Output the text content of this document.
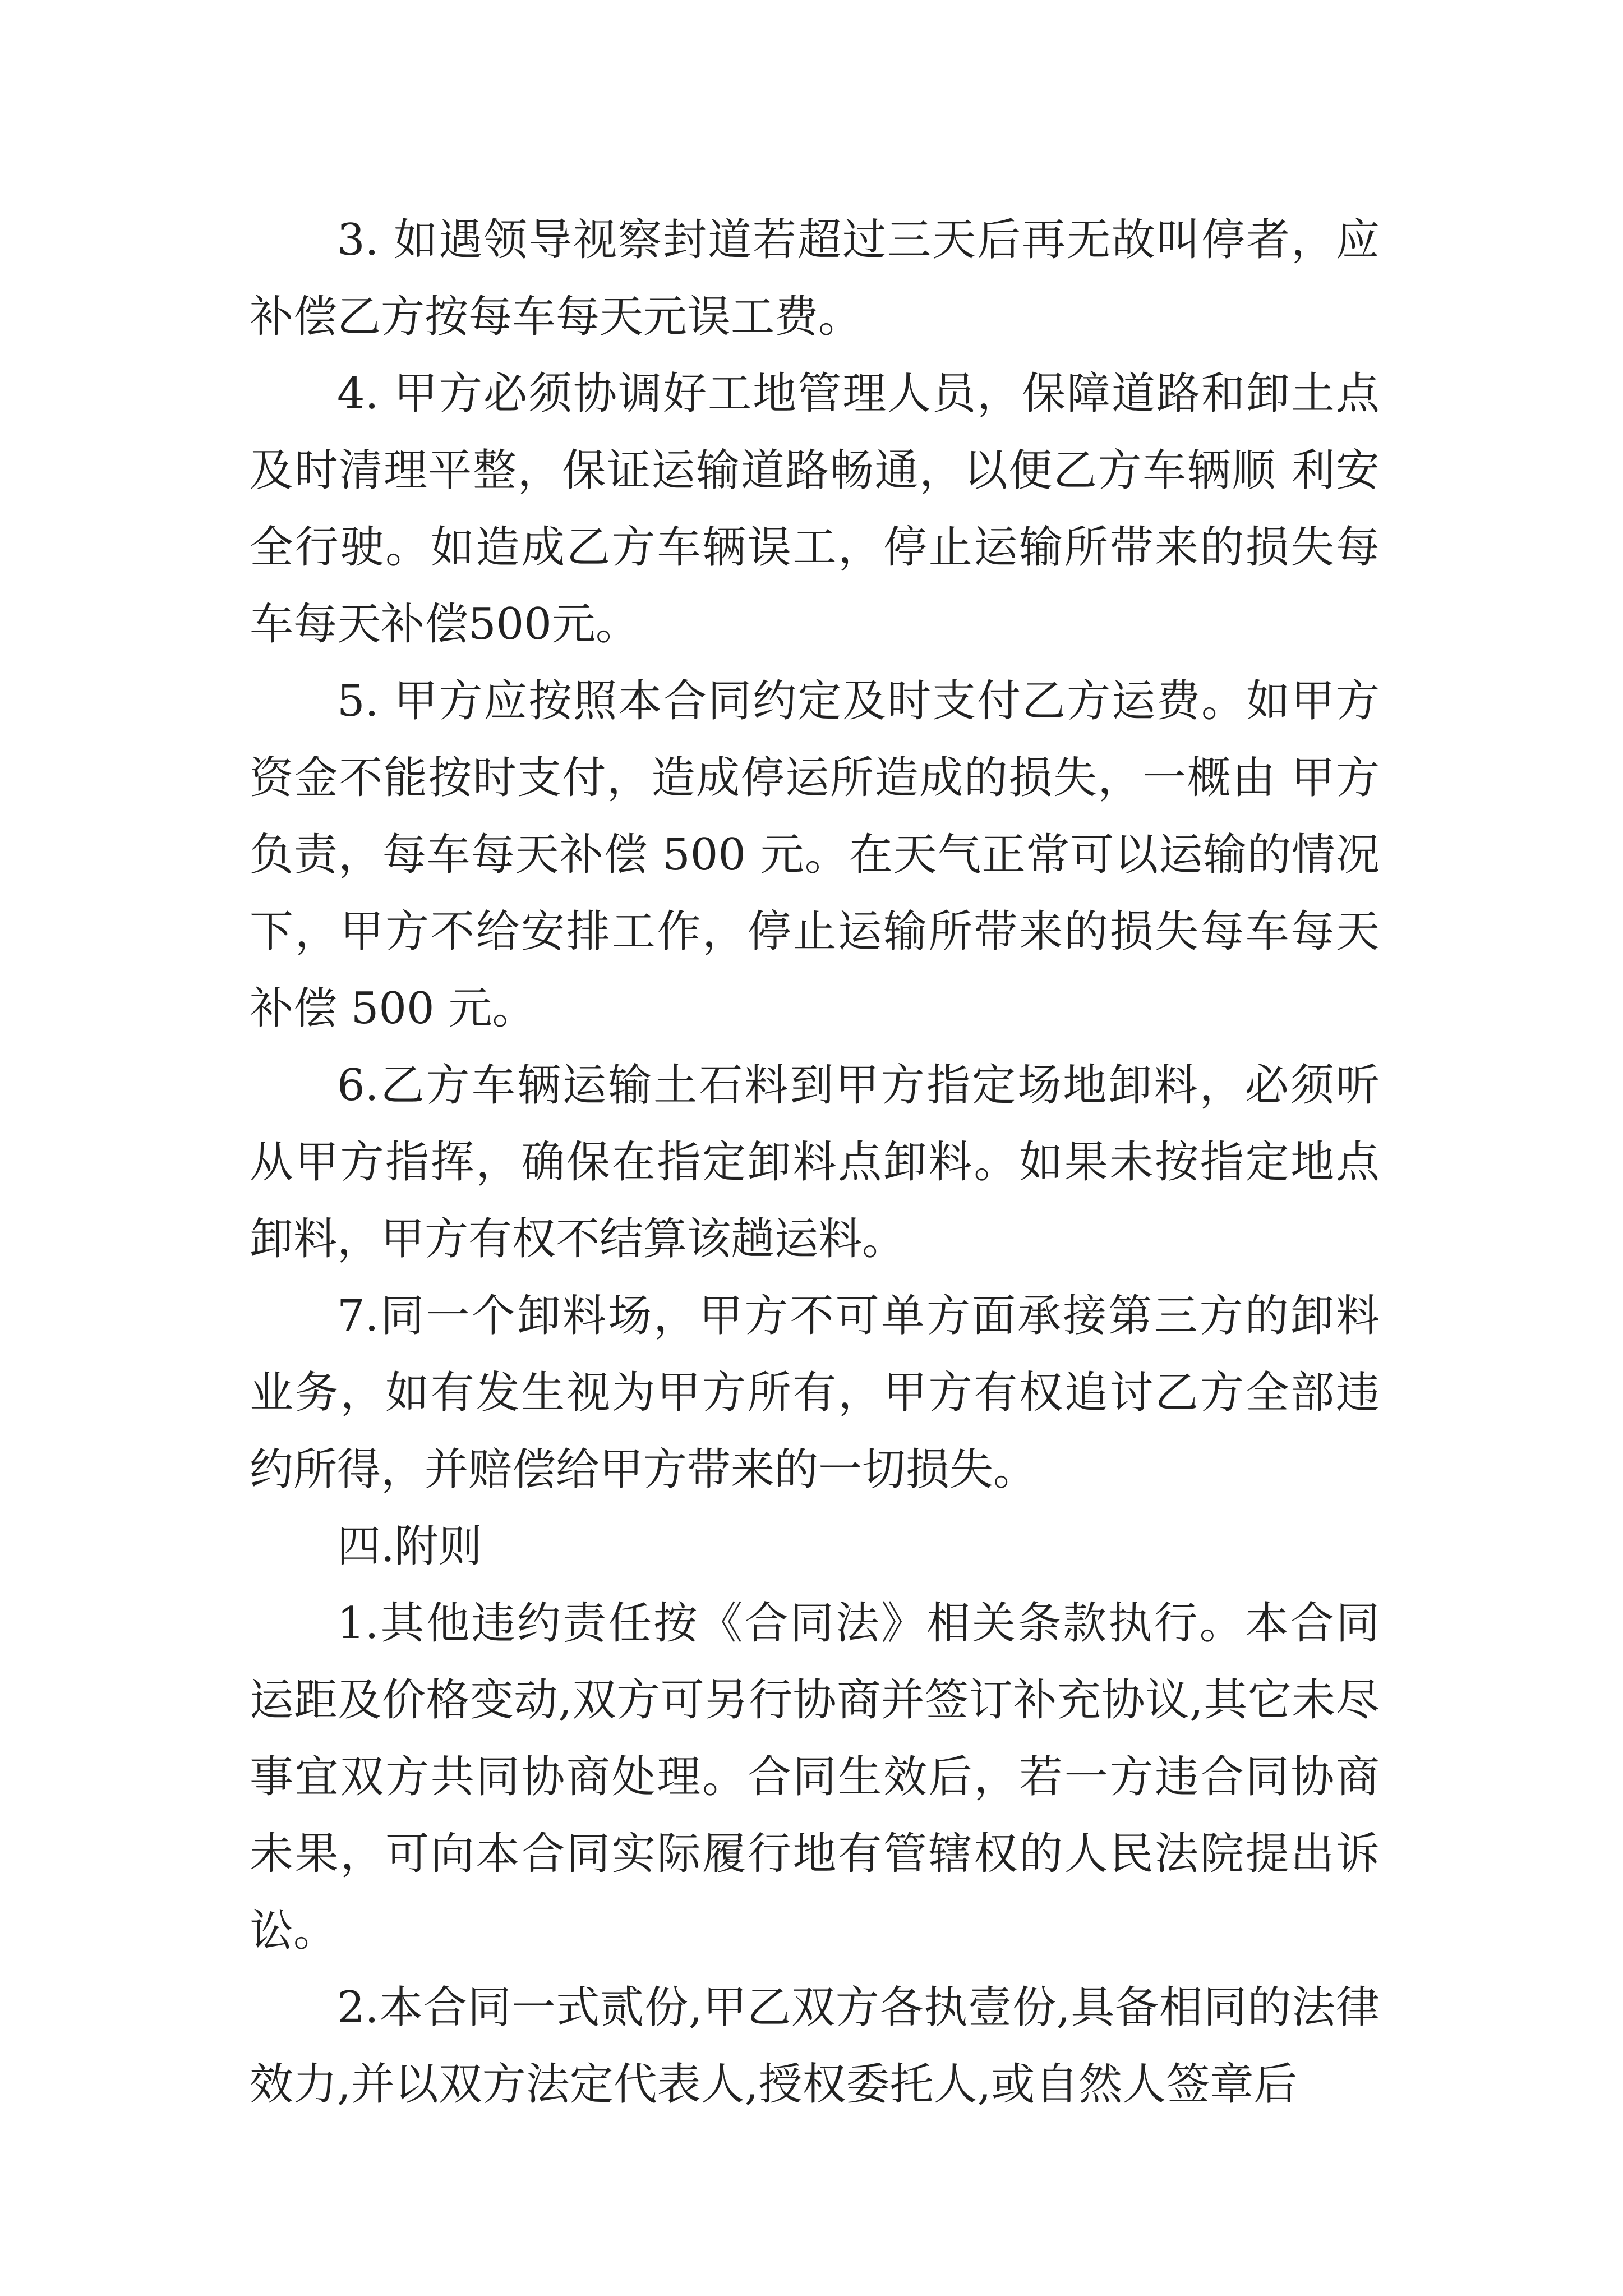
3. 如遇领导视察封道若超过三天后再无故叫停者，应补偿乙方按每车每天元误工费。

4. 甲方必须协调好工地管理人员，保障道路和卸土点及时清理平整，保证运输道路畅通，以便乙方车辆顺 利安全行驶。如造成乙方车辆误工，停止运输所带来的损失每车每天补偿500元。

5. 甲方应按照本合同约定及时支付乙方运费。如甲方资金不能按时支付，造成停运所造成的损失，一概由 甲方负责，每车每天补偿 500 元。在天气正常可以运输的情况下，甲方不给安排工作，停止运输所带来的损失每车每天补偿 500 元。

6.乙方车辆运输土石料到甲方指定场地卸料，必须听从甲方指挥，确保在指定卸料点卸料。如果未按指定地点卸料，甲方有权不结算该趟运料。

7.同一个卸料场，甲方不可单方面承接第三方的卸料业务，如有发生视为甲方所有，甲方有权追讨乙方全部违约所得，并赔偿给甲方带来的一切损失。

四.附则

1.其他违约责任按《合同法》相关条款执行。本合同运距及价格变动,双方可另行协商并签订补充协议,其它未尽事宜双方共同协商处理。合同生效后，若一方违合同协商未果，可向本合同实际履行地有管辖权的人民法院提出诉讼。

2.本合同一式贰份,甲乙双方各执壹份,具备相同的法律效力,并以双方法定代表人,授权委托人,或自然人签章后
